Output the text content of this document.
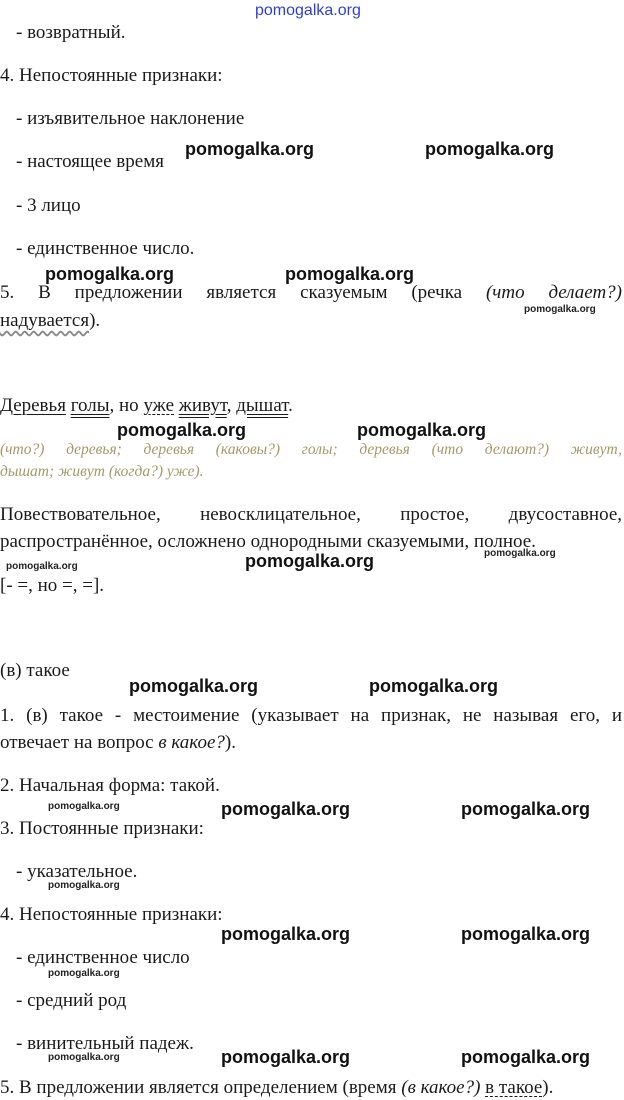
pomogalka.org
- возвратный.
4. Непостоянные признаки:
- изъявительное наклонение
- настоящее время
- 3 лицо
- единственное число.
5. В предложении является сказуемым (речка (что делает?)
надувается).
Деревья голы, но уже живут, дышат.
(что?) деревья; деревья (каковы?) голы; деревья (что делают?) живут,
дышат; живут (когда?) уже).
Повествовательное, невосклицательное, простое, двусоставное,
распространённое, осложнено однородными сказуемыми, полное.
[- =, но =, =].
(в) такое
1. (в) такое - местоимение (указывает на признак, не называя его, и
отвечает на вопрос в какое?).
2. Начальная форма: такой.
3. Постоянные признаки:
- указательное.
4. Непостоянные признаки:
- единственное число
- средний род
- винительный падеж.
5. В предложении является определением (время (в какое?) в такое).
pomogalka.org	pomogalka.org
pomogalka.org	pomogalka.org
pomogalka.org	pomogalka.org
pomogalka.org
pomogalka.org	pomogalka.org
pomogalka.org	pomogalka.org
pomogalka.org	pomogalka.org
pomogalka.org	pomogalka.org
pomogalka.org
pomogalka.org
pomogalka.org
pomogalka.org
pomogalka.org
pomogalka.org
pomogalka.org
